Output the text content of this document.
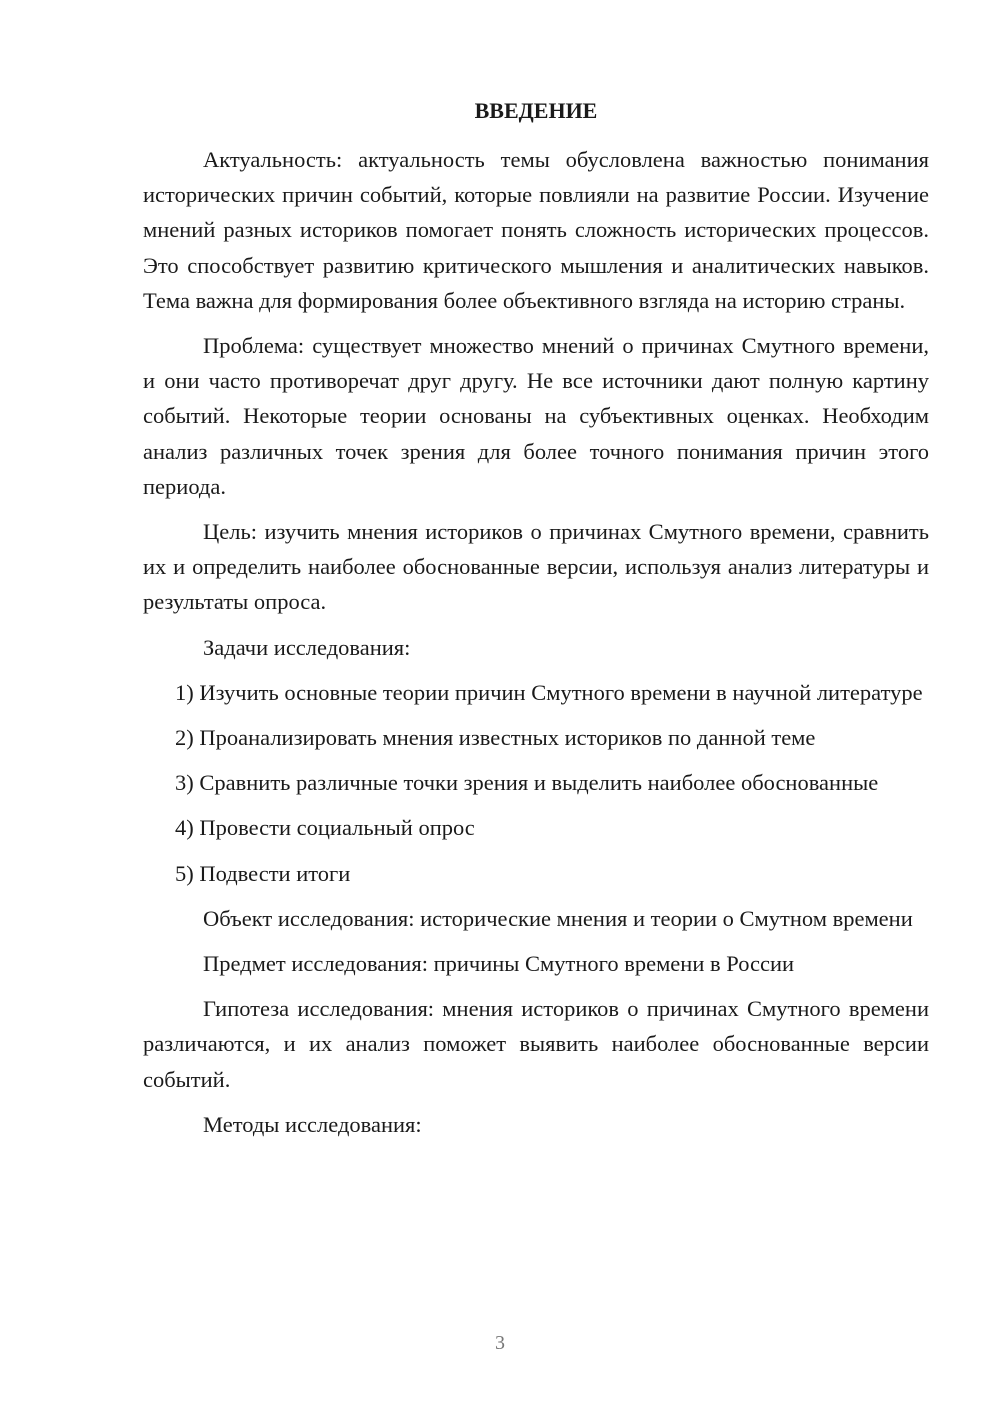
ВВЕДЕНИЕ

Актуальность: актуальность темы обусловлена важностью понимания исторических причин событий, которые повлияли на развитие России. Изучение мнений разных историков помогает понять сложность исторических процессов. Это способствует развитию критического мышления и аналитических навыков. Тема важна для формирования более объективного взгляда на историю страны.

Проблема: существует множество мнений о причинах Смутного времени, и они часто противоречат друг другу. Не все источники дают полную картину событий. Некоторые теории основаны на субъективных оценках. Необходим анализ различных точек зрения для более точного понимания причин этого периода.

Цель: изучить мнения историков о причинах Смутного времени, сравнить их и определить наиболее обоснованные версии, используя анализ литературы и результаты опроса.

Задачи исследования:

1) Изучить основные теории причин Смутного времени в научной литературе

2) Проанализировать мнения известных историков по данной теме

3) Сравнить различные точки зрения и выделить наиболее обоснованные

4) Провести социальный опрос

5) Подвести итоги

Объект исследования: исторические мнения и теории о Смутном времени

Предмет исследования: причины Смутного времени в России

Гипотеза исследования: мнения историков о причинах Смутного времени различаются, и их анализ поможет выявить наиболее обоснованные версии событий.

Методы исследования:

3
